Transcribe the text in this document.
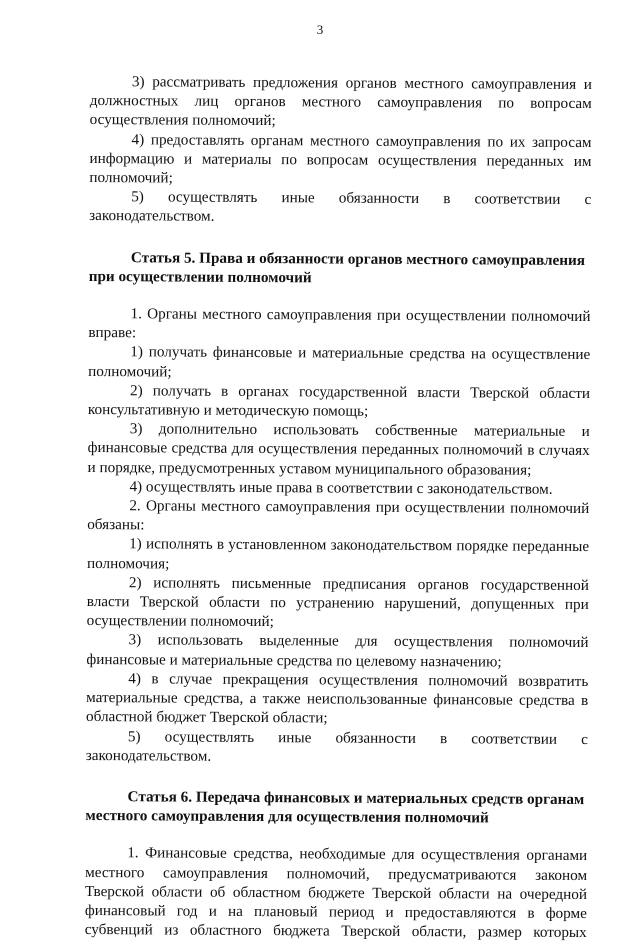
3

3) рассматривать предложения органов местного самоуправления и должностных лиц органов местного самоуправления по вопросам осуществления полномочий;

4) предоставлять органам местного самоуправления по их запросам информацию и материалы по вопросам осуществления переданных им полномочий;

5) осуществлять иные обязанности в соответствии с законодательством.

Статья 5. Права и обязанности органов местного самоуправления при осуществлении полномочий

1. Органы местного самоуправления при осуществлении полномочий вправе:

1) получать финансовые и материальные средства на осуществление полномочий;

2) получать в органах государственной власти Тверской области консультативную и методическую помощь;

3) дополнительно использовать собственные материальные и финансовые средства для осуществления переданных полномочий в случаях и порядке, предусмотренных уставом муниципального образования;

4) осуществлять иные права в соответствии с законодательством.

2. Органы местного самоуправления при осуществлении полномочий обязаны:

1) исполнять в установленном законодательством порядке переданные полномочия;

2) исполнять письменные предписания органов государственной власти Тверской области по устранению нарушений, допущенных при осуществлении полномочий;

3) использовать выделенные для осуществления полномочий финансовые и материальные средства по целевому назначению;

4) в случае прекращения осуществления полномочий возвратить материальные средства, а также неиспользованные финансовые средства в областной бюджет Тверской области;

5) осуществлять иные обязанности в соответствии с законодательством.

Статья 6. Передача финансовых и материальных средств органам местного самоуправления для осуществления полномочий

1. Финансовые средства, необходимые для осуществления органами местного самоуправления полномочий, предусматриваются законом Тверской области об областном бюджете Тверской области на очередной финансовый год и на плановый период и предоставляются в форме субвенций из областного бюджета Тверской области, размер которых
